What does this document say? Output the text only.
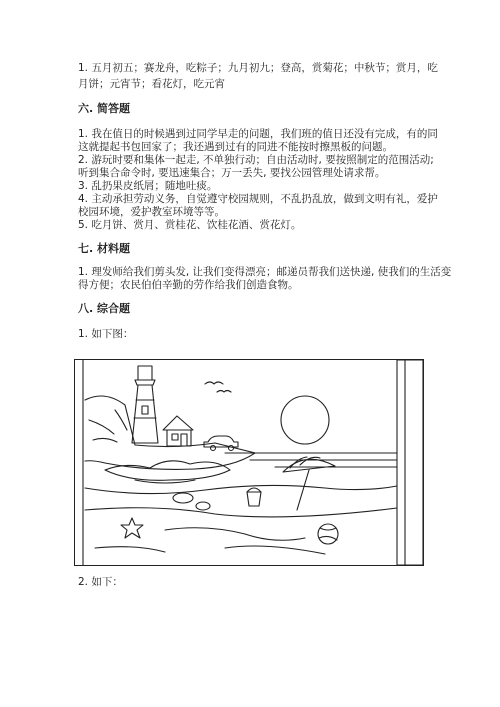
1. 五月初五；赛龙舟，吃粽子；九月初九；登高，赏菊花；中秋节；赏月，吃
月饼；元宵节；看花灯，吃元宵
六. 简答题
1. 我在值日的时候遇到过同学早走的问题，我们班的值日还没有完成，有的同
这就提起书包回家了；我还遇到过有的同进不能按时擦黑板的问题。
2. 游玩时要和集体一起走, 不单独行动；自由活动时, 要按照制定的范围活动;
听到集合命令时, 要迅速集合；万一丢失, 要找公园管理处请求帮。
3. 乱扔果皮纸屑；随地吐痰。
4. 主动承担劳动义务，自觉遵守校园规则，不乱扔乱放，做到文明有礼，爱护
校园环境，爱护教室环境等等。
5. 吃月饼、赏月、赏桂花、饮桂花酒、赏花灯。
七. 材料题
1. 理发师给我们剪头发, 让我们变得漂亮；邮递员帮我们送快递, 使我们的生活变
得方便；农民伯伯辛勤的劳作给我们创造食物。
八. 综合题
1. 如下图：
2. 如下：
